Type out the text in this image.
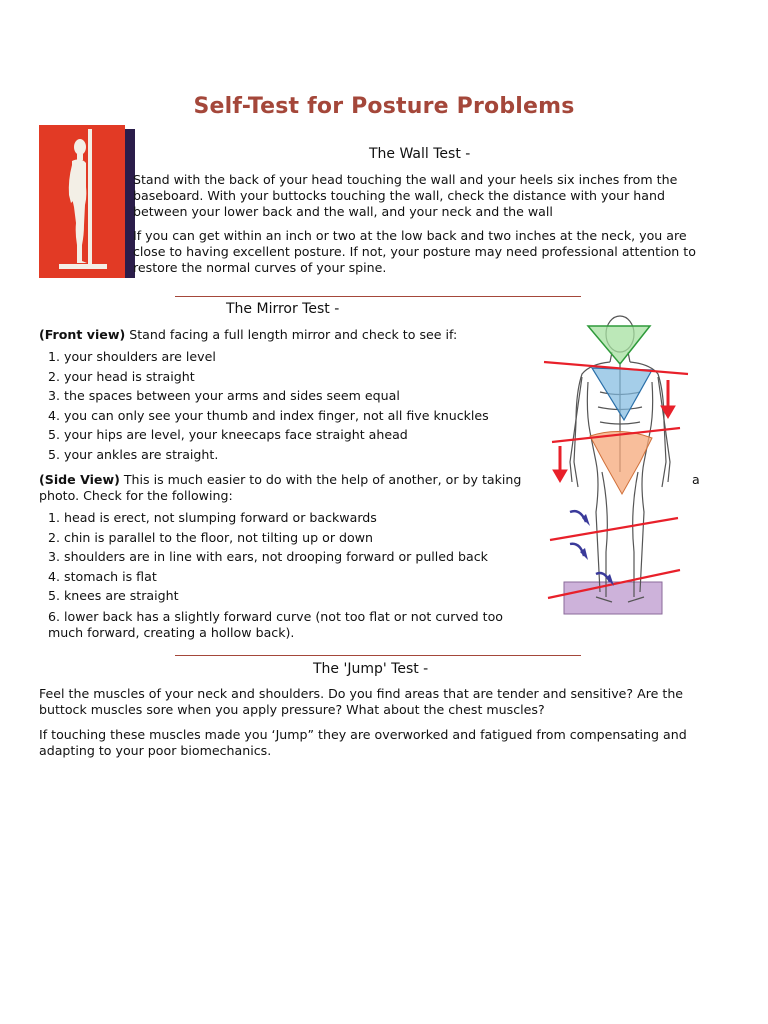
Self-Test for Posture Problems
The Wall Test -

Stand with the back of your head touching the wall and your heels six inches from the baseboard. With your buttocks touching the wall, check the distance with your hand between your lower back and the wall, and your neck and the wall

If you can get within an inch or two at the low back and two inches at the neck, you are close to having excellent posture. If not, your posture may need professional attention to restore the normal curves of your spine.

The Mirror Test -

(Front view) Stand facing a full length mirror and check to see if:

1. your shoulders are level
2. your head is straight
3. the spaces between your arms and sides seem equal
4. you can only see your thumb and index finger, not all five knuckles
5. your hips are level, your kneecaps face straight ahead
5. your ankles are straight.

(Side View) This is much easier to do with the help of another, or by taking	a

photo. Check for the following:

1. head is erect, not slumping forward or backwards
2. chin is parallel to the floor, not tilting up or down
3. shoulders are in line with ears, not drooping forward or pulled back
4. stomach is flat
5. knees are straight
6. lower back has a slightly forward curve (not too flat or not curved too
much forward, creating a hollow back).
The 'Jump' Test -

Feel the muscles of your neck and shoulders. Do you find areas that are tender and sensitive? Are the buttock muscles sore when you apply pressure? What about the chest muscles?

If touching these muscles made you ‘Jump” they are overworked and fatigued from compensating and adapting to your poor biomechanics.
